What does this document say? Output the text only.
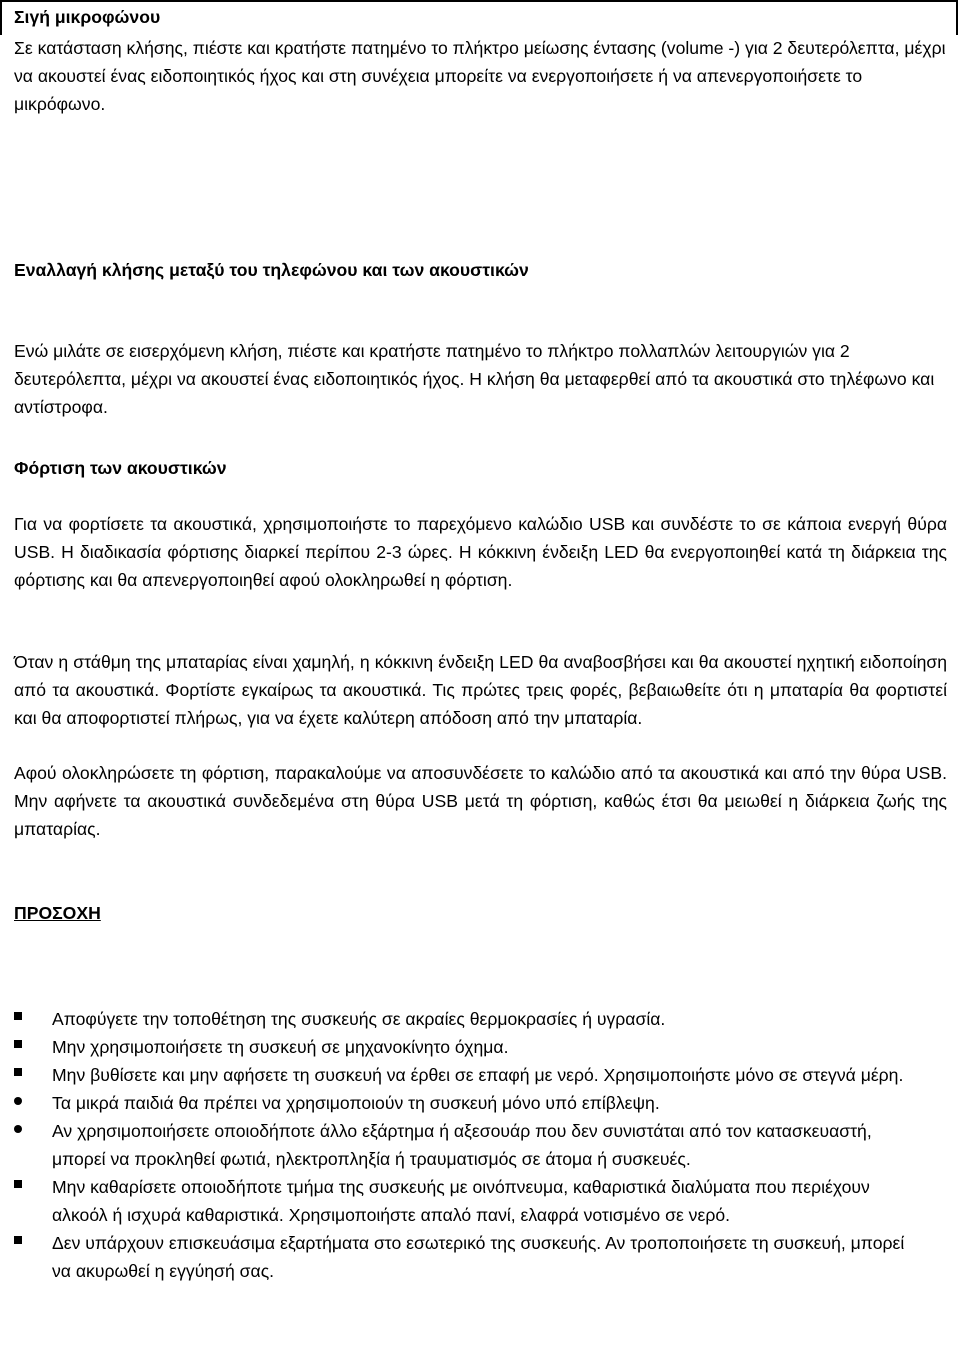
Σιγή μικροφώνου

Σε κατάσταση κλήσης, πιέστε και κρατήστε πατημένο το πλήκτρο μείωσης έντασης (volume -) για 2 δευτερόλεπτα, μέχρι να ακουστεί ένας ειδοποιητικός ήχος και στη συνέχεια μπορείτε να ενεργοποιήσετε ή να απενεργοποιήσετε το μικρόφωνο.

Εναλλαγή κλήσης μεταξύ του τηλεφώνου και των ακουστικών

Ενώ μιλάτε σε εισερχόμενη κλήση, πιέστε και κρατήστε πατημένο το πλήκτρο πολλαπλών λειτουργιών για 2 δευτερόλεπτα, μέχρι να ακουστεί ένας ειδοποιητικός ήχος. Η κλήση θα μεταφερθεί από τα ακουστικά στο τηλέφωνο και αντίστροφα.

Φόρτιση των ακουστικών

Για να φορτίσετε τα ακουστικά, χρησιμοποιήστε το παρεχόμενο καλώδιο USB και συνδέστε το σε κάποια ενεργή θύρα USB. Η διαδικασία φόρτισης διαρκεί περίπου 2-3 ώρες. Η κόκκινη ένδειξη LED θα ενεργοποιηθεί κατά τη διάρκεια της φόρτισης και θα απενεργοποιηθεί αφού ολοκληρωθεί η φόρτιση.

Όταν η στάθμη της μπαταρίας είναι χαμηλή, η κόκκινη ένδειξη LED θα αναβοσβήσει και θα ακουστεί ηχητική ειδοποίηση από τα ακουστικά. Φορτίστε εγκαίρως τα ακουστικά. Τις πρώτες τρεις φορές, βεβαιωθείτε ότι η μπαταρία θα φορτιστεί και θα αποφορτιστεί πλήρως, για να έχετε καλύτερη απόδοση από την μπαταρία.

Αφού ολοκληρώσετε τη φόρτιση, παρακαλούμε να αποσυνδέσετε το καλώδιο από τα ακουστικά και από την θύρα USB. Μην αφήνετε τα ακουστικά συνδεδεμένα στη θύρα USB μετά τη φόρτιση, καθώς έτσι θα μειωθεί η διάρκεια ζωής της μπαταρίας.

ΠΡΟΣΟΧΗ

Αποφύγετε την τοποθέτηση της συσκευής σε ακραίες θερμοκρασίες ή υγρασία.
Μην χρησιμοποιήσετε τη συσκευή σε μηχανοκίνητο όχημα.
Μην βυθίσετε και μην αφήσετε τη συσκευή να έρθει σε επαφή με νερό. Χρησιμοποιήστε μόνο σε στεγνά μέρη.
Τα μικρά παιδιά θα πρέπει να χρησιμοποιούν τη συσκευή μόνο υπό επίβλεψη.
Αν χρησιμοποιήσετε οποιοδήποτε άλλο εξάρτημα ή αξεσουάρ που δεν συνιστάται από τον κατασκευαστή, μπορεί να προκληθεί φωτιά, ηλεκτροπληξία ή τραυματισμός σε άτομα ή συσκευές.
Μην καθαρίσετε οποιοδήποτε τμήμα της συσκευής με οινόπνευμα, καθαριστικά διαλύματα που περιέχουν αλκοόλ ή ισχυρά καθαριστικά. Χρησιμοποιήστε απαλό πανί, ελαφρά νοτισμένο σε νερό.
Δεν υπάρχουν επισκευάσιμα εξαρτήματα στο εσωτερικό της συσκευής. Αν τροποποιήσετε τη συσκευή, μπορεί να ακυρωθεί η εγγύησή σας.
